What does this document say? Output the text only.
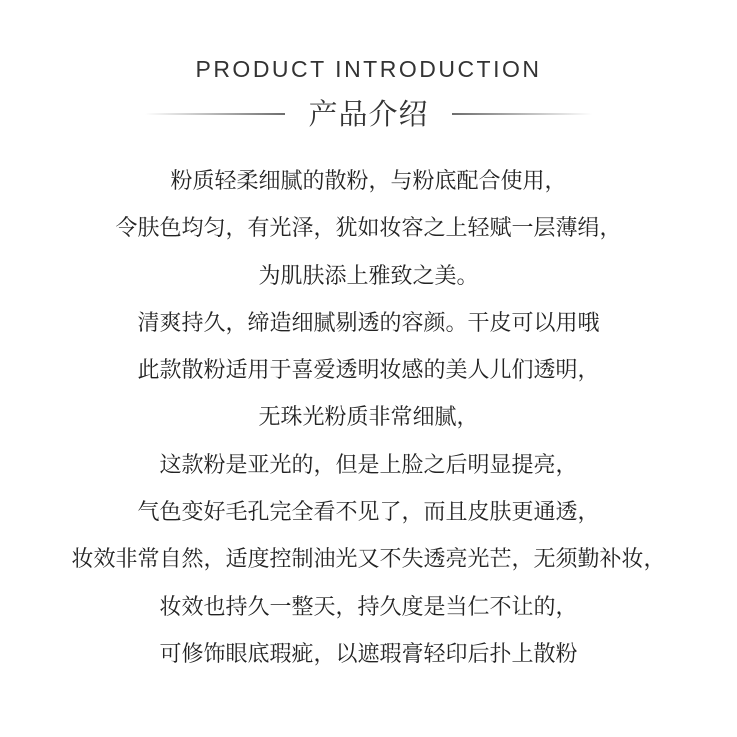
PRODUCT INTRODUCTION
产品介绍
粉质轻柔细腻的散粉，与粉底配合使用，
令肤色均匀，有光泽，犹如妆容之上轻赋一层薄绢，
为肌肤添上雅致之美。
清爽持久，缔造细腻剔透的容颜。干皮可以用哦
此款散粉适用于喜爱透明妆感的美人儿们透明，
无珠光粉质非常细腻，
这款粉是亚光的，但是上脸之后明显提亮，
气色变好毛孔完全看不见了，而且皮肤更通透，
妆效非常自然，适度控制油光又不失透亮光芒，无须勤补妆，
妆效也持久一整天，持久度是当仁不让的，
可修饰眼底瑕疵，以遮瑕膏轻印后扑上散粉
